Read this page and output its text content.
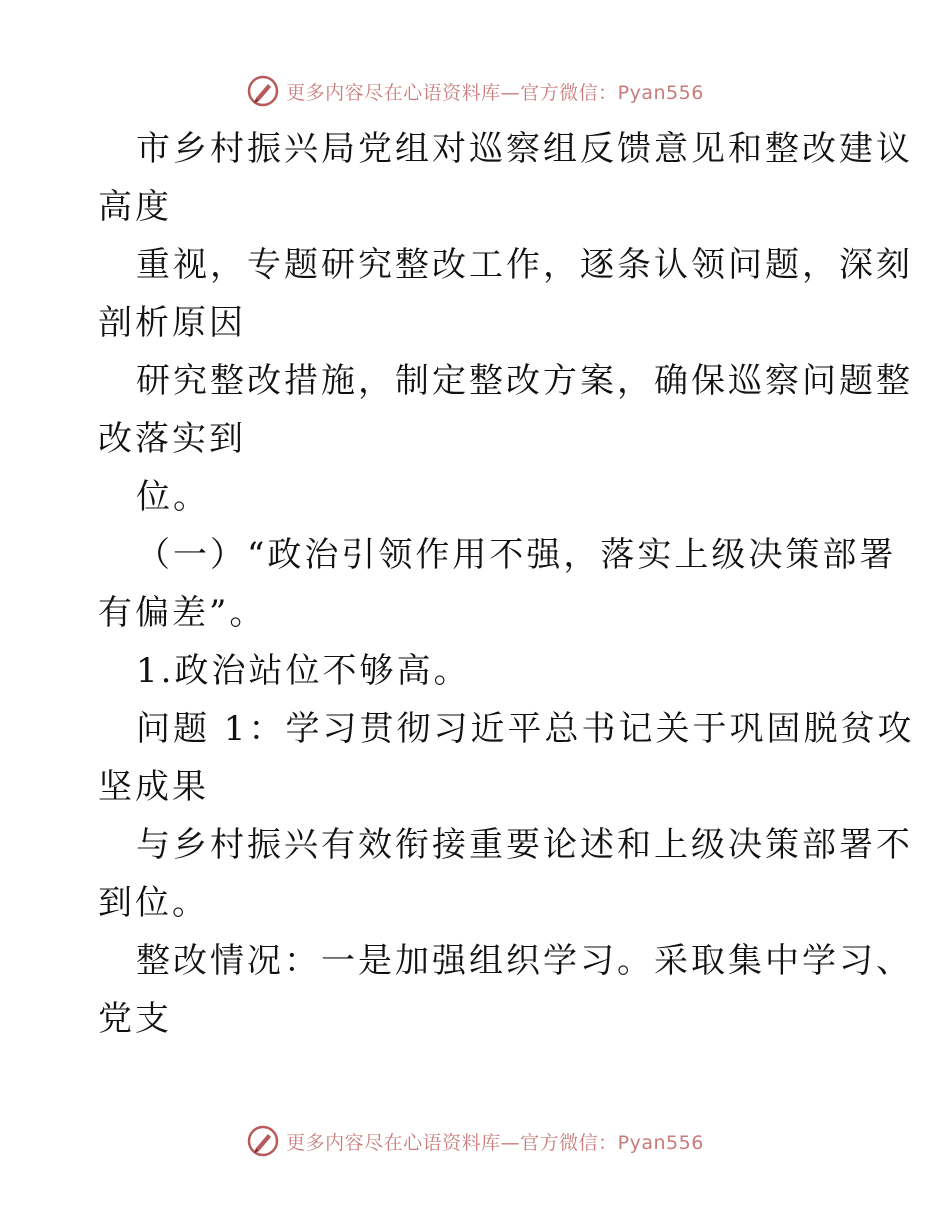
更多内容尽在心语资料库—官方微信：Pyan556
市乡村振兴局党组对巡察组反馈意见和整改建议
高度
重视，专题研究整改工作，逐条认领问题，深刻
剖析原因
研究整改措施，制定整改方案，确保巡察问题整
改落实到
位。
（一）“政治引领作用不强，落实上级决策部署
有偏差”。
1.政治站位不够高。
问题 1：学习贯彻习近平总书记关于巩固脱贫攻
坚成果
与乡村振兴有效衔接重要论述和上级决策部署不
到位。
整改情况：一是加强组织学习。采取集中学习、
党支
更多内容尽在心语资料库—官方微信：Pyan556
